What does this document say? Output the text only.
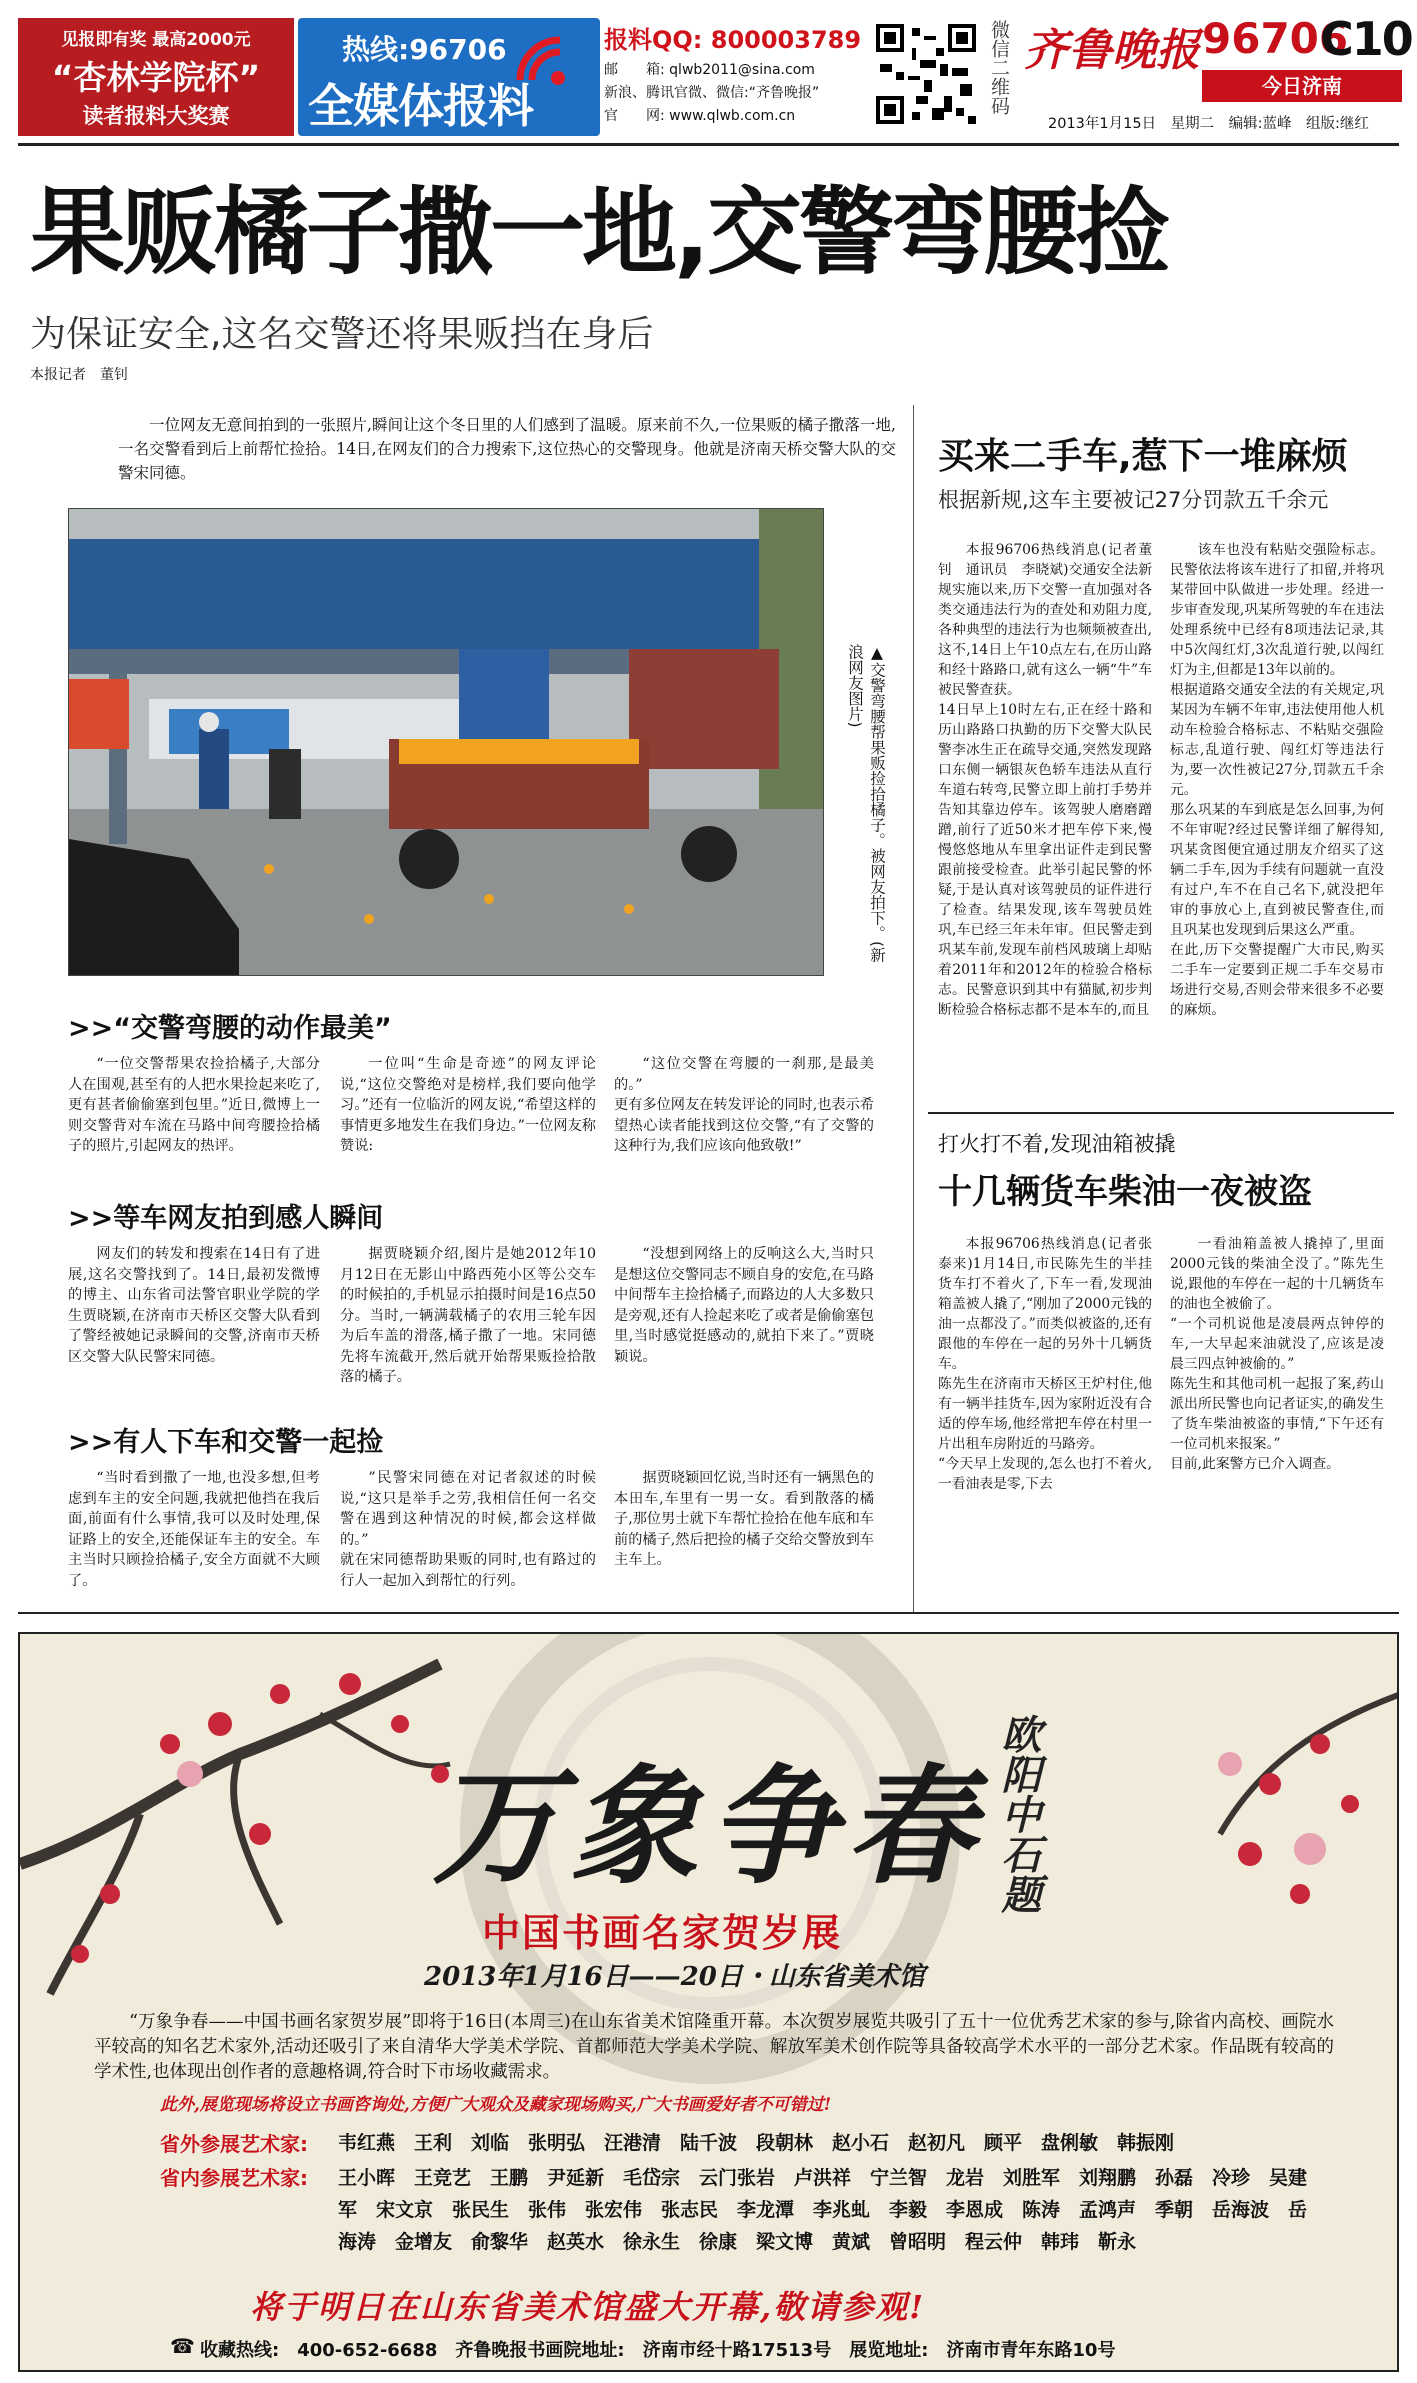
见报即有奖 最高2000元
“杏林学院杯”
读者报料大奖赛
热线:96706
全媒体报料
报料QQ: 800003789
邮　　箱: qlwb2011@sina.com
新浪、腾讯官微、微信:“齐鲁晚报”
官　　网: www.qlwb.com.cn
微信二维码 齐鲁晚报 96706
C10
今日济南
2013年1月15日　星期二　编辑:蓝峰　组版:继红
果贩橘子撒一地,交警弯腰捡
为保证安全,这名交警还将果贩挡在身后
本报记者　董钊

一位网友无意间拍到的一张照片,瞬间让这个冬日里的人们感到了温暖。原来前不久,一位果贩的橘子撒落一地,一名交警看到后上前帮忙捡拾。14日,在网友们的合力搜索下,这位热心的交警现身。他就是济南天桥交警大队的交警宋同德。

▲交警弯腰帮果贩捡拾橘子。被网友拍下。(新浪网友图片)
>>“交警弯腰的动作最美”

“一位交警帮果农捡拾橘子,大部分人在围观,甚至有的人把水果捡起来吃了,更有甚者偷偷塞到包里。”近日,微博上一则交警背对车流在马路中间弯腰捡拾橘子的照片,引起网友的热评。

一位叫“生命是奇迹”的网友评论说,“这位交警绝对是榜样,我们要向他学习。”还有一位临沂的网友说,“希望这样的事情更多地发生在我们身边。”一位网友称赞说:

“这位交警在弯腰的一刹那,是最美的。”
更有多位网友在转发评论的同时,也表示希望热心读者能找到这位交警,“有了交警的这种行为,我们应该向他致敬!”

>>等车网友拍到感人瞬间

网友们的转发和搜索在14日有了进展,这名交警找到了。14日,最初发微博的博主、山东省司法警官职业学院的学生贾晓颖,在济南市天桥区交警大队看到了警经被她记录瞬间的交警,济南市天桥区交警大队民警宋同德。

据贾晓颖介绍,图片是她2012年10月12日在无影山中路西苑小区等公交车的时候拍的,手机显示拍摄时间是16点50分。当时,一辆满载橘子的农用三轮车因为后车盖的滑落,橘子撒了一地。宋同德先将车流截开,然后就开始帮果贩捡拾散落的橘子。

“没想到网络上的反响这么大,当时只是想这位交警同志不顾自身的安危,在马路中间帮车主捡拾橘子,而路边的人大多数只是旁观,还有人捡起来吃了或者是偷偷塞包里,当时感觉挺感动的,就拍下来了。”贾晓颖说。

>>有人下车和交警一起捡

“当时看到撒了一地,也没多想,但考虑到车主的安全问题,我就把他挡在我后面,前面有什么事情,我可以及时处理,保证路上的安全,还能保证车主的安全。车主当时只顾捡拾橘子,安全方面就不大顾了。

”民警宋同德在对记者叙述的时候说,“这只是举手之劳,我相信任何一名交警在遇到这种情况的时候,都会这样做的。”
就在宋同德帮助果贩的同时,也有路过的行人一起加入到帮忙的行列。

据贾晓颖回忆说,当时还有一辆黑色的本田车,车里有一男一女。看到散落的橘子,那位男士就下车帮忙捡拾在他车底和车前的橘子,然后把捡的橘子交给交警放到车主车上。

买来二手车,惹下一堆麻烦
根据新规,这车主要被记27分罚款五千余元

本报96706热线消息(记者董钊　通讯员　李晓斌)交通安全法新规实施以来,历下交警一直加强对各类交通违法行为的查处和劝阻力度,各种典型的违法行为也频频被查出,这不,14日上午10点左右,在历山路和经十路路口,就有这么一辆“牛”车被民警查获。
14日早上10时左右,正在经十路和历山路路口执勤的历下交警大队民警李冰生正在疏导交通,突然发现路口东侧一辆银灰色轿车违法从直行车道右转弯,民警立即上前打手势并告知其靠边停车。该驾驶人磨磨蹭蹭,前行了近50米才把车停下来,慢慢悠悠地从车里拿出证件走到民警跟前接受检查。此举引起民警的怀疑,于是认真对该驾驶员的证件进行了检查。结果发现,该车驾驶员姓巩,车已经三年未年审。但民警走到巩某车前,发现车前档风玻璃上却贴着2011年和2012年的检验合格标志。民警意识到其中有猫腻,初步判断检验合格标志都不是本车的,而且

该车也没有粘贴交强险标志。民警依法将该车进行了扣留,并将巩某带回中队做进一步处理。经进一步审查发现,巩某所驾驶的车在违法处理系统中已经有8项违法记录,其中5次闯红灯,3次乱道行驶,以闯红灯为主,但都是13年以前的。
根据道路交通安全法的有关规定,巩某因为车辆不年审,违法使用他人机动车检验合格标志、不粘贴交强险标志,乱道行驶、闯红灯等违法行为,要一次性被记27分,罚款五千余元。
那么巩某的车到底是怎么回事,为何不年审呢?经过民警详细了解得知,巩某贪图便宜通过朋友介绍买了这辆二手车,因为手续有问题就一直没有过户,车不在自己名下,就没把年审的事放心上,直到被民警查住,而且巩某也发现到后果这么严重。
在此,历下交警提醒广大市民,购买二手车一定要到正规二手车交易市场进行交易,否则会带来很多不必要的麻烦。

打火打不着,发现油箱被撬
十几辆货车柴油一夜被盗

本报96706热线消息(记者张泰来)1月14日,市民陈先生的半挂货车打不着火了,下车一看,发现油箱盖被人撬了,“刚加了2000元钱的油一点都没了。”而类似被盗的,还有跟他的车停在一起的另外十几辆货车。
陈先生在济南市天桥区王炉村住,他有一辆半挂货车,因为家附近没有合适的停车场,他经常把车停在村里一片出租车房附近的马路旁。
“今天早上发现的,怎么也打不着火,一看油表是零,下去

一看油箱盖被人撬掉了,里面2000元钱的柴油全没了。”陈先生说,跟他的车停在一起的十几辆货车的油也全被偷了。
“一个司机说他是凌晨两点钟停的车,一大早起来油就没了,应该是凌晨三四点钟被偷的。”
陈先生和其他司机一起报了案,药山派出所民警也向记者证实,的确发生了货车柴油被盗的事情,“下午还有一位司机来报案。”
目前,此案警方已介入调查。

万象争春 欧阳中石题
中国书画名家贺岁展
2013年1月16日——20日・山东省美术馆

“万象争春——中国书画名家贺岁展”即将于16日(本周三)在山东省美术馆隆重开幕。本次贺岁展览共吸引了五十一位优秀艺术家的参与,除省内高校、画院水平较高的知名艺术家外,活动还吸引了来自清华大学美术学院、首都师范大学美术学院、解放军美术创作院等具备较高学术水平的一部分艺术家。作品既有较高的学术性,也体现出创作者的意趣格调,符合时下市场收藏需求。

此外,展览现场将设立书画咨询处,方便广大观众及藏家现场购买,广大书画爱好者不可错过!
省外参展艺术家: 韦红燕　王利　刘临　张明弘　汪港清　陆千波　段朝林　赵小石　赵初凡　顾平　盘俐敏　韩振刚
省内参展艺术家: 王小晖　王竞艺　王鹏　尹延新　毛岱宗　云门张岩　卢洪祥　宁兰智　龙岩　刘胜军　刘翔鹏　孙磊　冷珍　吴建军　宋文京　张民生　张伟　张宏伟　张志民　李龙潭　李兆虬　李毅　李恩成　陈涛　孟鸿声　季朝　岳海波　岳海涛　金增友　俞黎华　赵英水　徐永生　徐康　梁文博　黄斌　曾昭明　程云仲　韩玮　靳永
将于明日在山东省美术馆盛大开幕,敬请参观!
☎ 收藏热线:　400-652-6688　齐鲁晚报书画院地址:　济南市经十路17513号　展览地址:　济南市青年东路10号
